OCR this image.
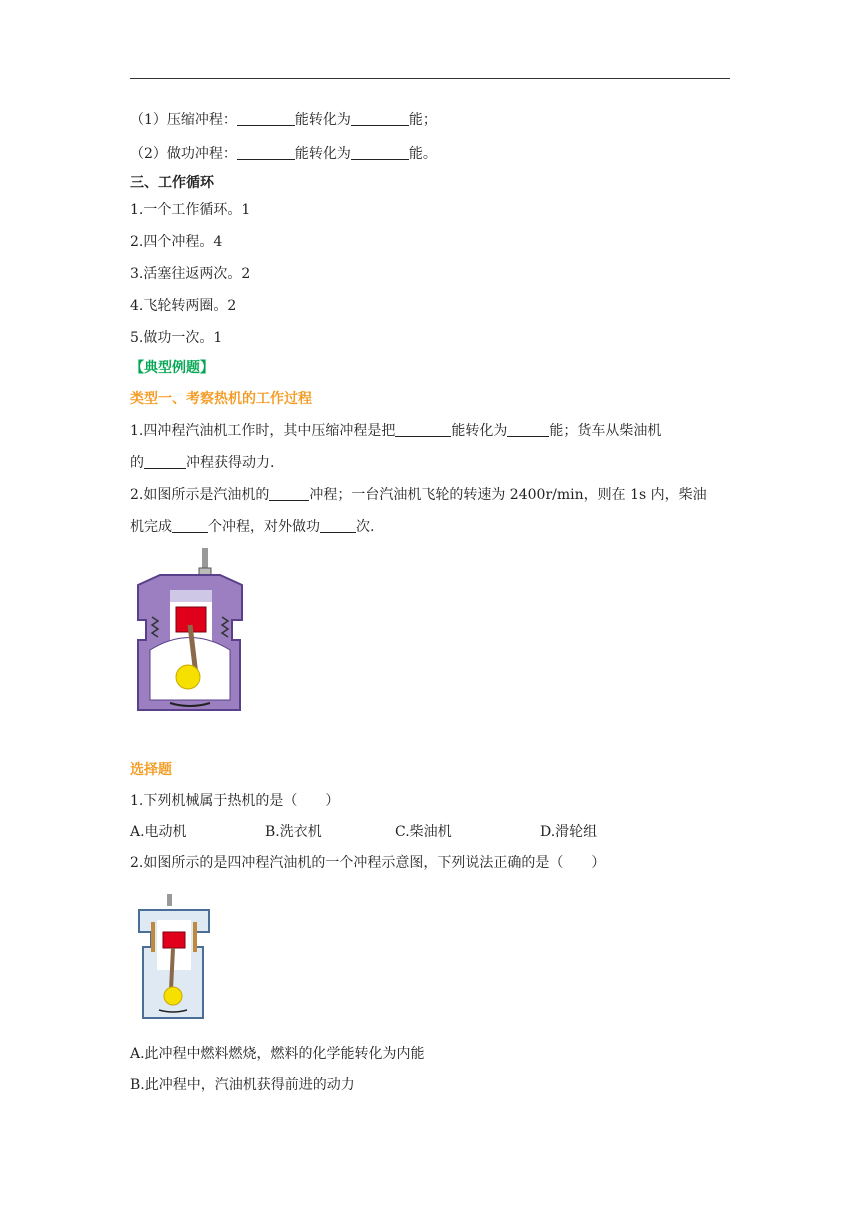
（1）压缩冲程：	能转化为	能；
（2）做功冲程：	能转化为	能。
三、工作循环
1.一个工作循环。1
2.四个冲程。4
3.活塞往返两次。2
4.飞轮转两圈。2
5.做功一次。1
【典型例题】
类型一、考察热机的工作过程
1.四冲程汽油机工作时，其中压缩冲程是把	能转化为	能；货车从柴油机
的	冲程获得动力.
2.如图所示是汽油机的	冲程；一台汽油机飞轮的转速为 2400r/min，则在 1s 内，柴油
机完成	个冲程，对外做功	次.
选择题
1.下列机械属于热机的是（　　）
A.电动机	B.洗衣机	C.柴油机	D.滑轮组
2.如图所示的是四冲程汽油机的一个冲程示意图，下列说法正确的是（　　）
A.此冲程中燃料燃烧，燃料的化学能转化为内能
B.此冲程中，汽油机获得前进的动力
